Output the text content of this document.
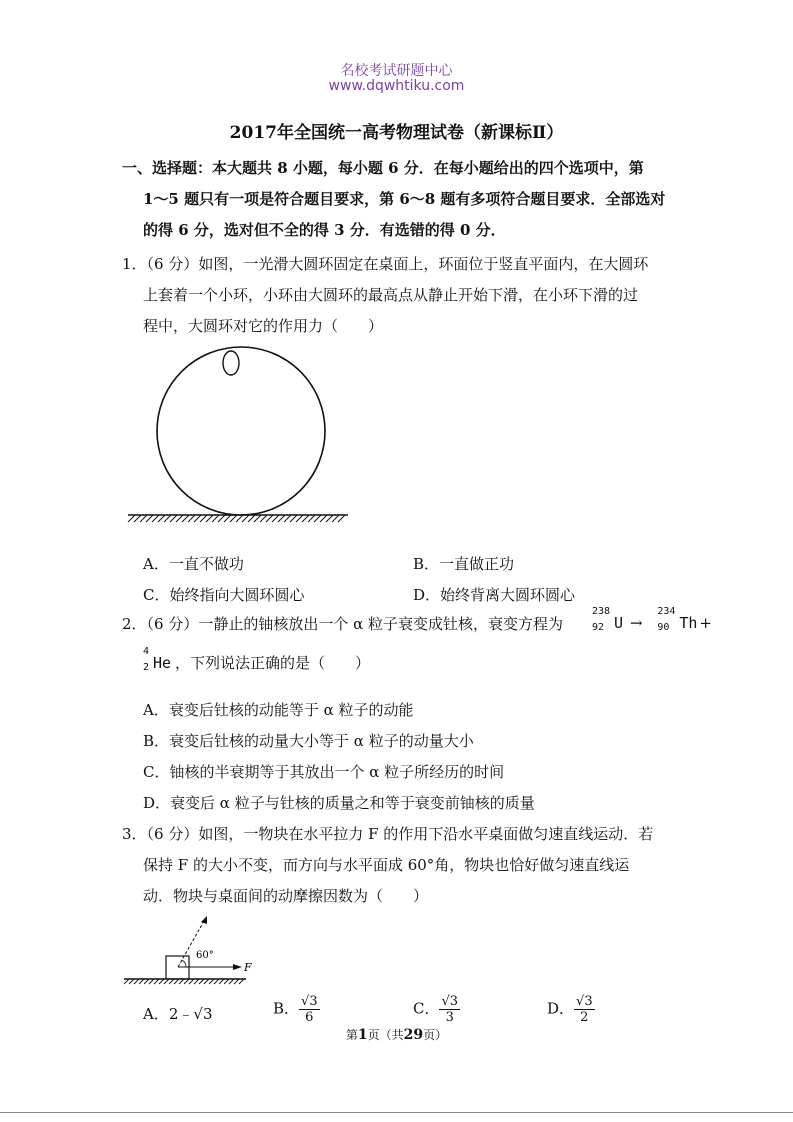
名校考试研题中心
www.dqwhtiku.com
2017年全国统一高考物理试卷（新课标Ⅱ）
一、选择题：本大题共 8 小题，每小题 6 分．在每小题给出的四个选项中，第
1～5 题只有一项是符合题目要求，第 6～8 题有多项符合题目要求．全部选对
的得 6 分，选对但不全的得 3 分．有选错的得 0 分．
1．（6 分）如图，一光滑大圆环固定在桌面上，环面位于竖直平面内，在大圆环
上套着一个小环，小环由大圆环的最高点从静止开始下滑，在小环下滑的过
程中，大圆环对它的作用力（　　）
A．一直不做功	B．一直做正功
C．始终指向大圆环圆心	D．始终背离大圆环圆心
2．（6 分）一静止的铀核放出一个 α 粒子衰变成钍核，衰变方程为
238
92 U →
234
90 Th +
4
2 He ，下列说法正确的是（　　）
A．衰变后钍核的动能等于 α 粒子的动能
B．衰变后钍核的动量大小等于 α 粒子的动量大小
C．铀核的半衰期等于其放出一个 α 粒子所经历的时间
D．衰变后 α 粒子与钍核的质量之和等于衰变前铀核的质量
3．（6 分）如图，一物块在水平拉力 F 的作用下沿水平桌面做匀速直线运动．若
保持 F 的大小不变，而方向与水平面成 60°角，物块也恰好做匀速直线运
动．物块与桌面间的动摩擦因数为（　　）
60°
F
A．2﹣√3	B． $\frac{√3}{6}$	C． $\frac{√3}{3}$	D． $\frac{√3}{2}$
第1页（共29页）
